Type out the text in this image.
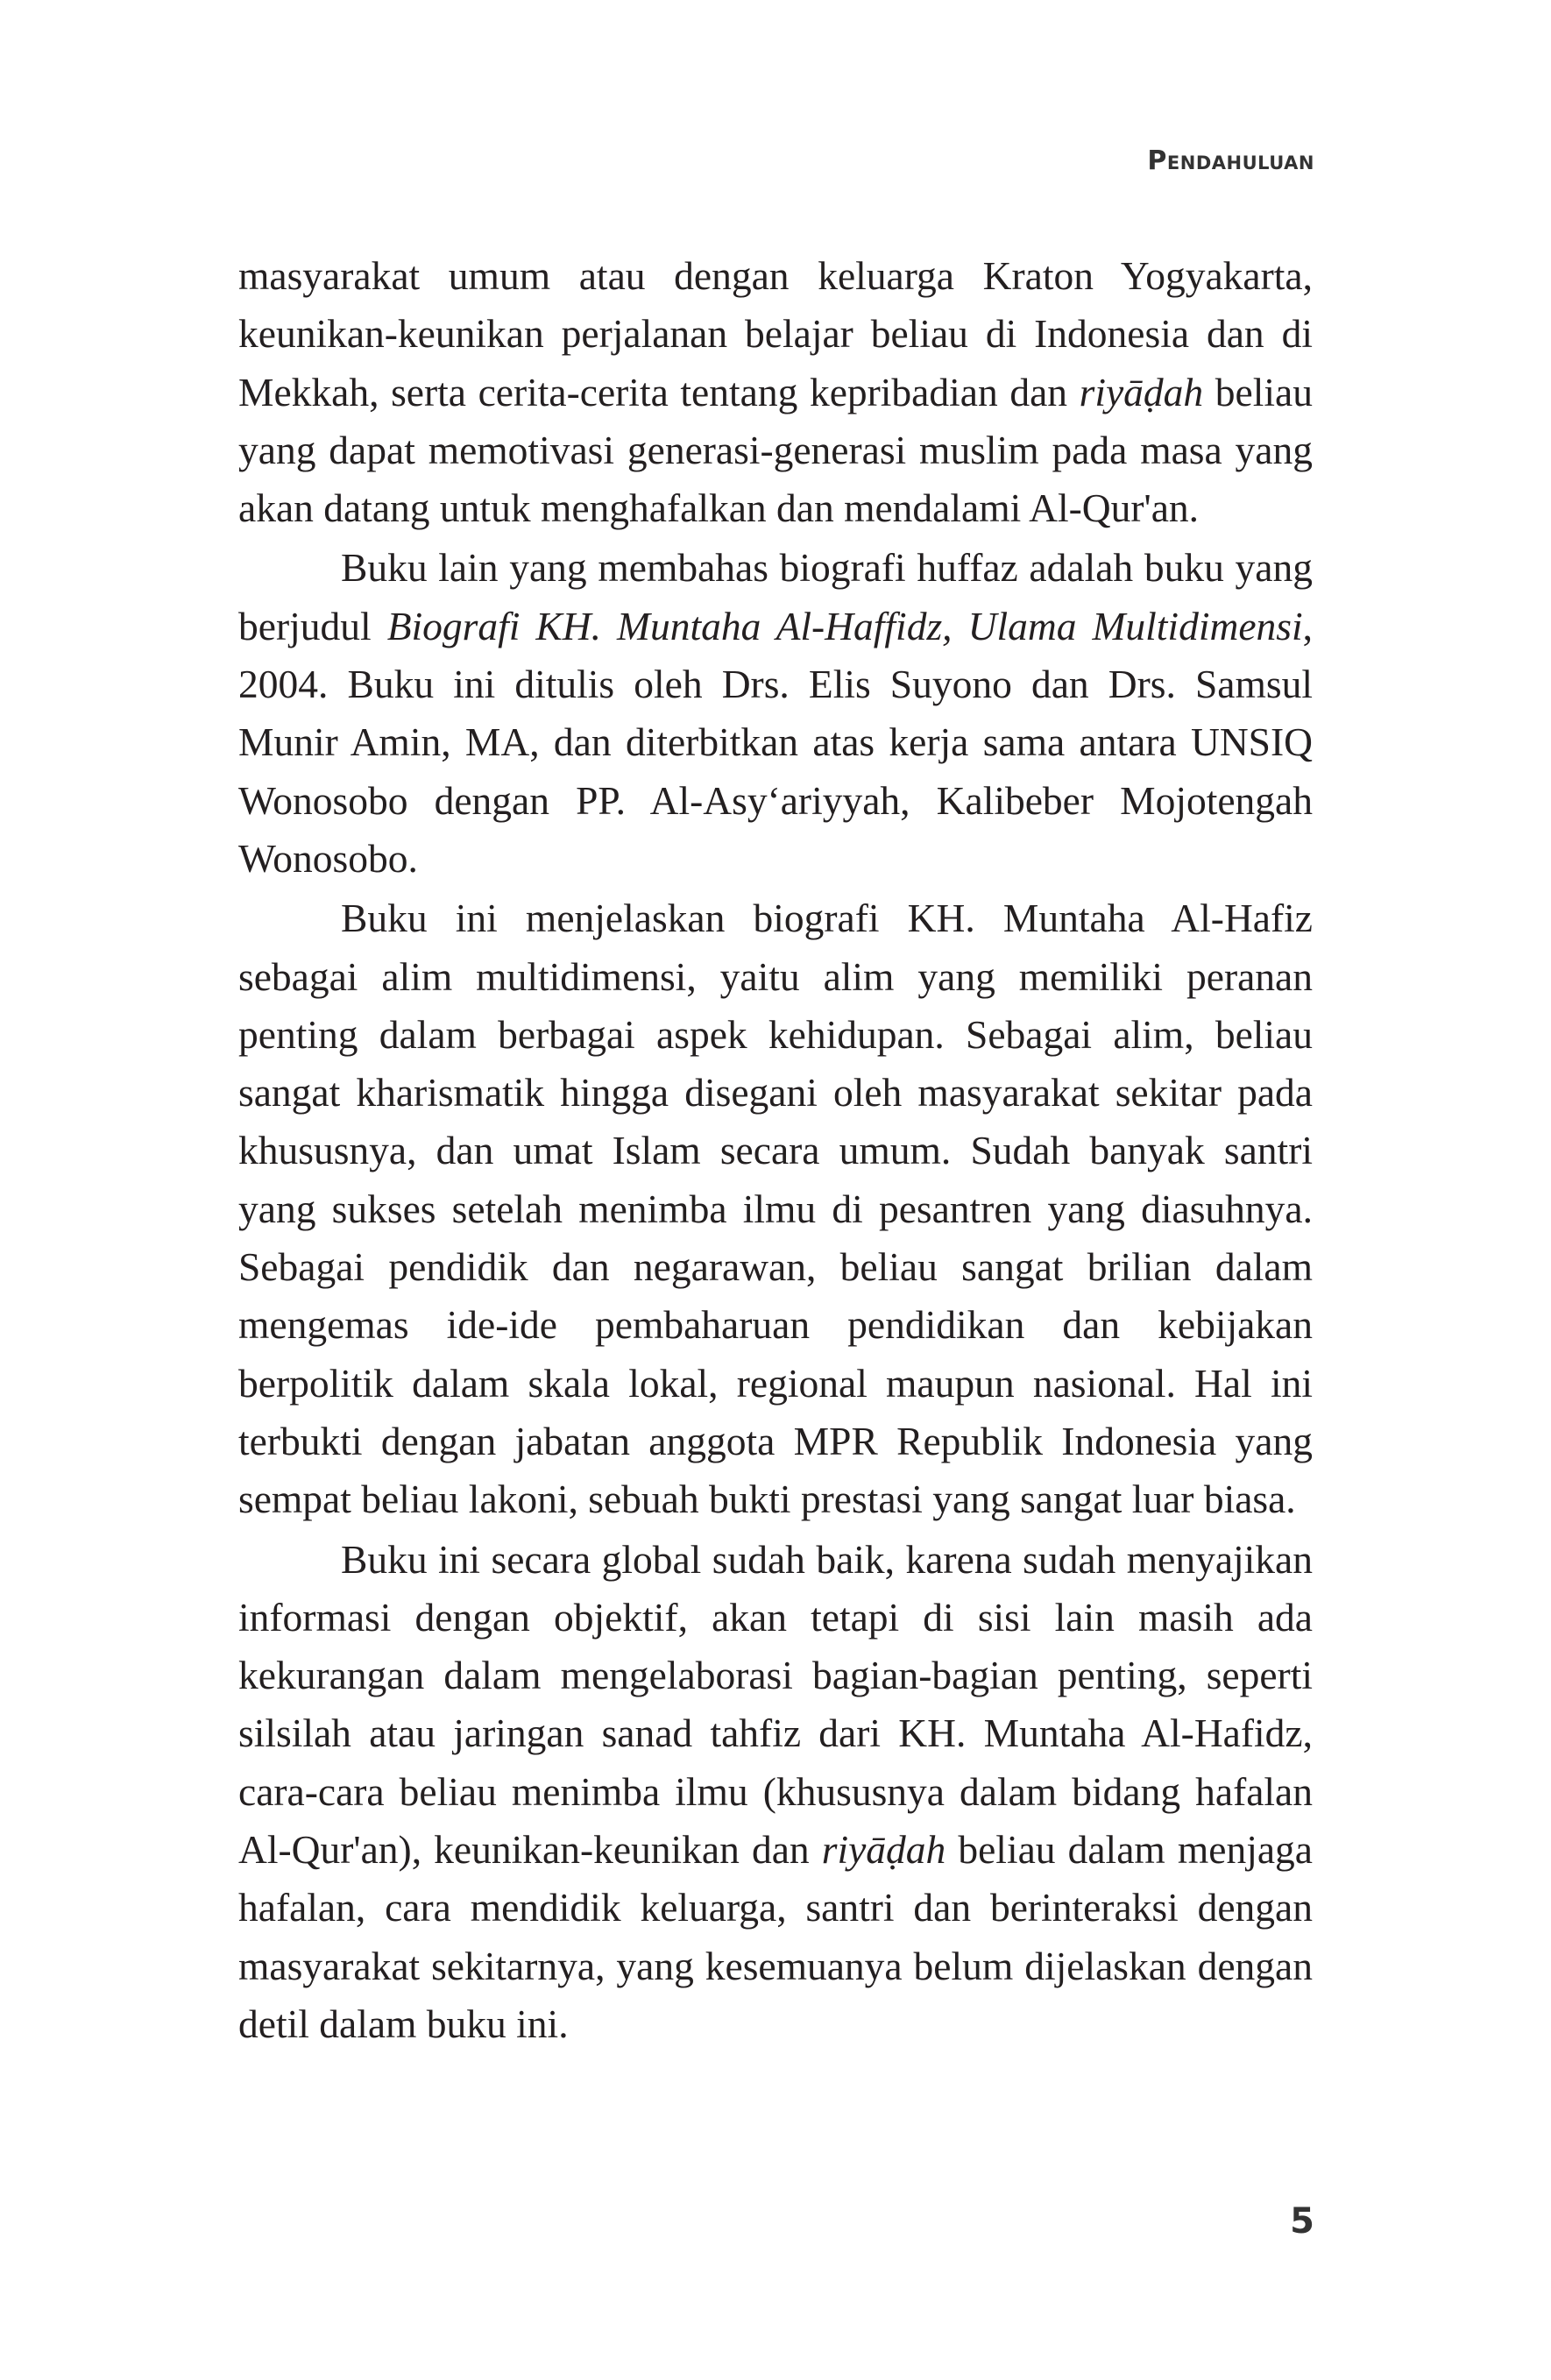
Pendahuluan

masyarakat umum atau dengan keluarga Kraton Yogyakarta, keunikan-keunikan perjalanan belajar beliau di Indonesia dan di Mekkah, serta cerita-cerita tentang kepribadian dan riyāḍah beliau yang dapat memotivasi generasi-generasi muslim pada masa yang akan datang untuk menghafalkan dan mendalami Al-Qur'an.

Buku lain yang membahas biografi huffaz adalah buku yang berjudul Biografi KH. Muntaha Al-Haffidz, Ulama Multidimensi, 2004. Buku ini ditulis oleh Drs. Elis Suyono dan Drs. Samsul Munir Amin, MA, dan diterbitkan atas kerja sama antara UNSIQ Wonosobo dengan PP. Al-Asy‘ariyyah, Kalibeber Mojotengah Wonosobo.

Buku ini menjelaskan biografi KH. Muntaha Al-Hafiz sebagai alim multidimensi, yaitu alim yang memiliki peranan penting dalam berbagai aspek kehidupan. Sebagai alim, beliau sangat kharismatik hingga disegani oleh masyarakat sekitar pada khususnya, dan umat Islam secara umum. Sudah banyak santri yang sukses setelah menimba ilmu di pesantren yang diasuhnya. Sebagai pendidik dan negarawan, beliau sangat brilian dalam mengemas ide-ide pembaharuan pendidikan dan kebijakan berpolitik dalam skala lokal, regional maupun nasional. Hal ini terbukti dengan jabatan anggota MPR Republik Indonesia yang sempat beliau lakoni, sebuah bukti prestasi yang sangat luar biasa.

Buku ini secara global sudah baik, karena sudah menyajikan informasi dengan objektif, akan tetapi di sisi lain masih ada kekurangan dalam mengelaborasi bagian-bagian penting, seperti silsilah atau jaringan sanad tahfiz dari KH. Muntaha Al-Hafidz, cara-cara beliau menimba ilmu (khususnya dalam bidang hafalan Al-Qur'an), keunikan-keunikan dan riyāḍah beliau dalam menjaga hafalan, cara mendidik keluarga, santri dan berinteraksi dengan masyarakat sekitarnya, yang kesemuanya belum dijelaskan dengan detil dalam buku ini.

5
